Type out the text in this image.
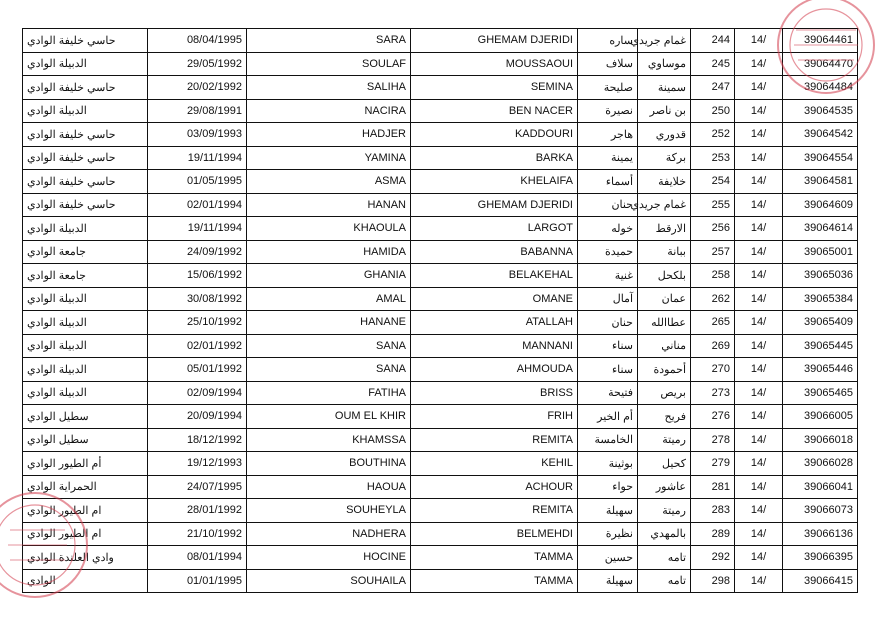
حاسي خليفة الوادي	08/04/1995	SARA	GHEMAM DJERIDI	ساره	غمام جريدي	244	14/	39064461
الدبيلة الوادي	29/05/1992	SOULAF	MOUSSAOUI	سلاف	موساوي	245	14/	39064470
حاسي خليفة الوادي	20/02/1992	SALIHA	SEMINA	صليحة	سمينة	247	14/	39064484
الدبيلة الوادي	29/08/1991	NACIRA	BEN NACER	نصيرة	بن ناصر	250	14/	39064535
حاسي خليفة الوادي	03/09/1993	HADJER	KADDOURI	هاجر	قدوري	252	14/	39064542
حاسي خليفة الوادي	19/11/1994	YAMINA	BARKA	يمينة	بركة	253	14/	39064554
حاسي خليفة الوادي	01/05/1995	ASMA	KHELAIFA	أسماء	خلايفة	254	14/	39064581
حاسي خليفة الوادي	02/01/1994	HANAN	GHEMAM DJERIDI	حنان	غمام جريدي	255	14/	39064609
الدبيلة الوادي	19/11/1994	KHAOULA	LARGOT	خوله	الارقط	256	14/	39064614
جامعة الوادي	24/09/1992	HAMIDA	BABANNA	حميدة	ببانة	257	14/	39065001
جامعة الوادي	15/06/1992	GHANIA	BELAKEHAL	غنية	بلكحل	258	14/	39065036
الدبيلة الوادي	30/08/1992	AMAL	OMANE	آمال	عمان	262	14/	39065384
الدبيلة الوادي	25/10/1992	HANANE	ATALLAH	حنان	عطاالله	265	14/	39065409
الدبيلة الوادي	02/01/1992	SANA	MANNANI	سناء	مناني	269	14/	39065445
الدبيلة الوادي	05/01/1992	SANA	AHMOUDA	سناء	أحمودة	270	14/	39065446
الدبيلة الوادي	02/09/1994	FATIHA	BRISS	فتيحة	بريص	273	14/	39065465
سطيل الوادي	20/09/1994	OUM EL KHIR	FRIH	أم الخير	فريح	276	14/	39066005
سطيل الوادي	18/12/1992	KHAMSSA	REMITA	الخامسة	رميتة	278	14/	39066018
أم الطيور الوادي	19/12/1993	BOUTHINA	KEHIL	بوثينة	كحيل	279	14/	39066028
الحمراية الوادي	24/07/1995	HAOUA	ACHOUR	حواء	عاشور	281	14/	39066041
ام الطيور الوادي	28/01/1992	SOUHEYLA	REMITA	سهيلة	رميتة	283	14/	39066073
ام الطيور الوادي	21/10/1992	NADHERA	BELMEHDI	نظيرة	بالمهدي	289	14/	39066136
وادي العلندة الوادي	08/01/1994	HOCINE	TAMMA	حسين	تامه	292	14/	39066395
الوادي	01/01/1995	SOUHAILA	TAMMA	سهيلة	تامه	298	14/	39066415
